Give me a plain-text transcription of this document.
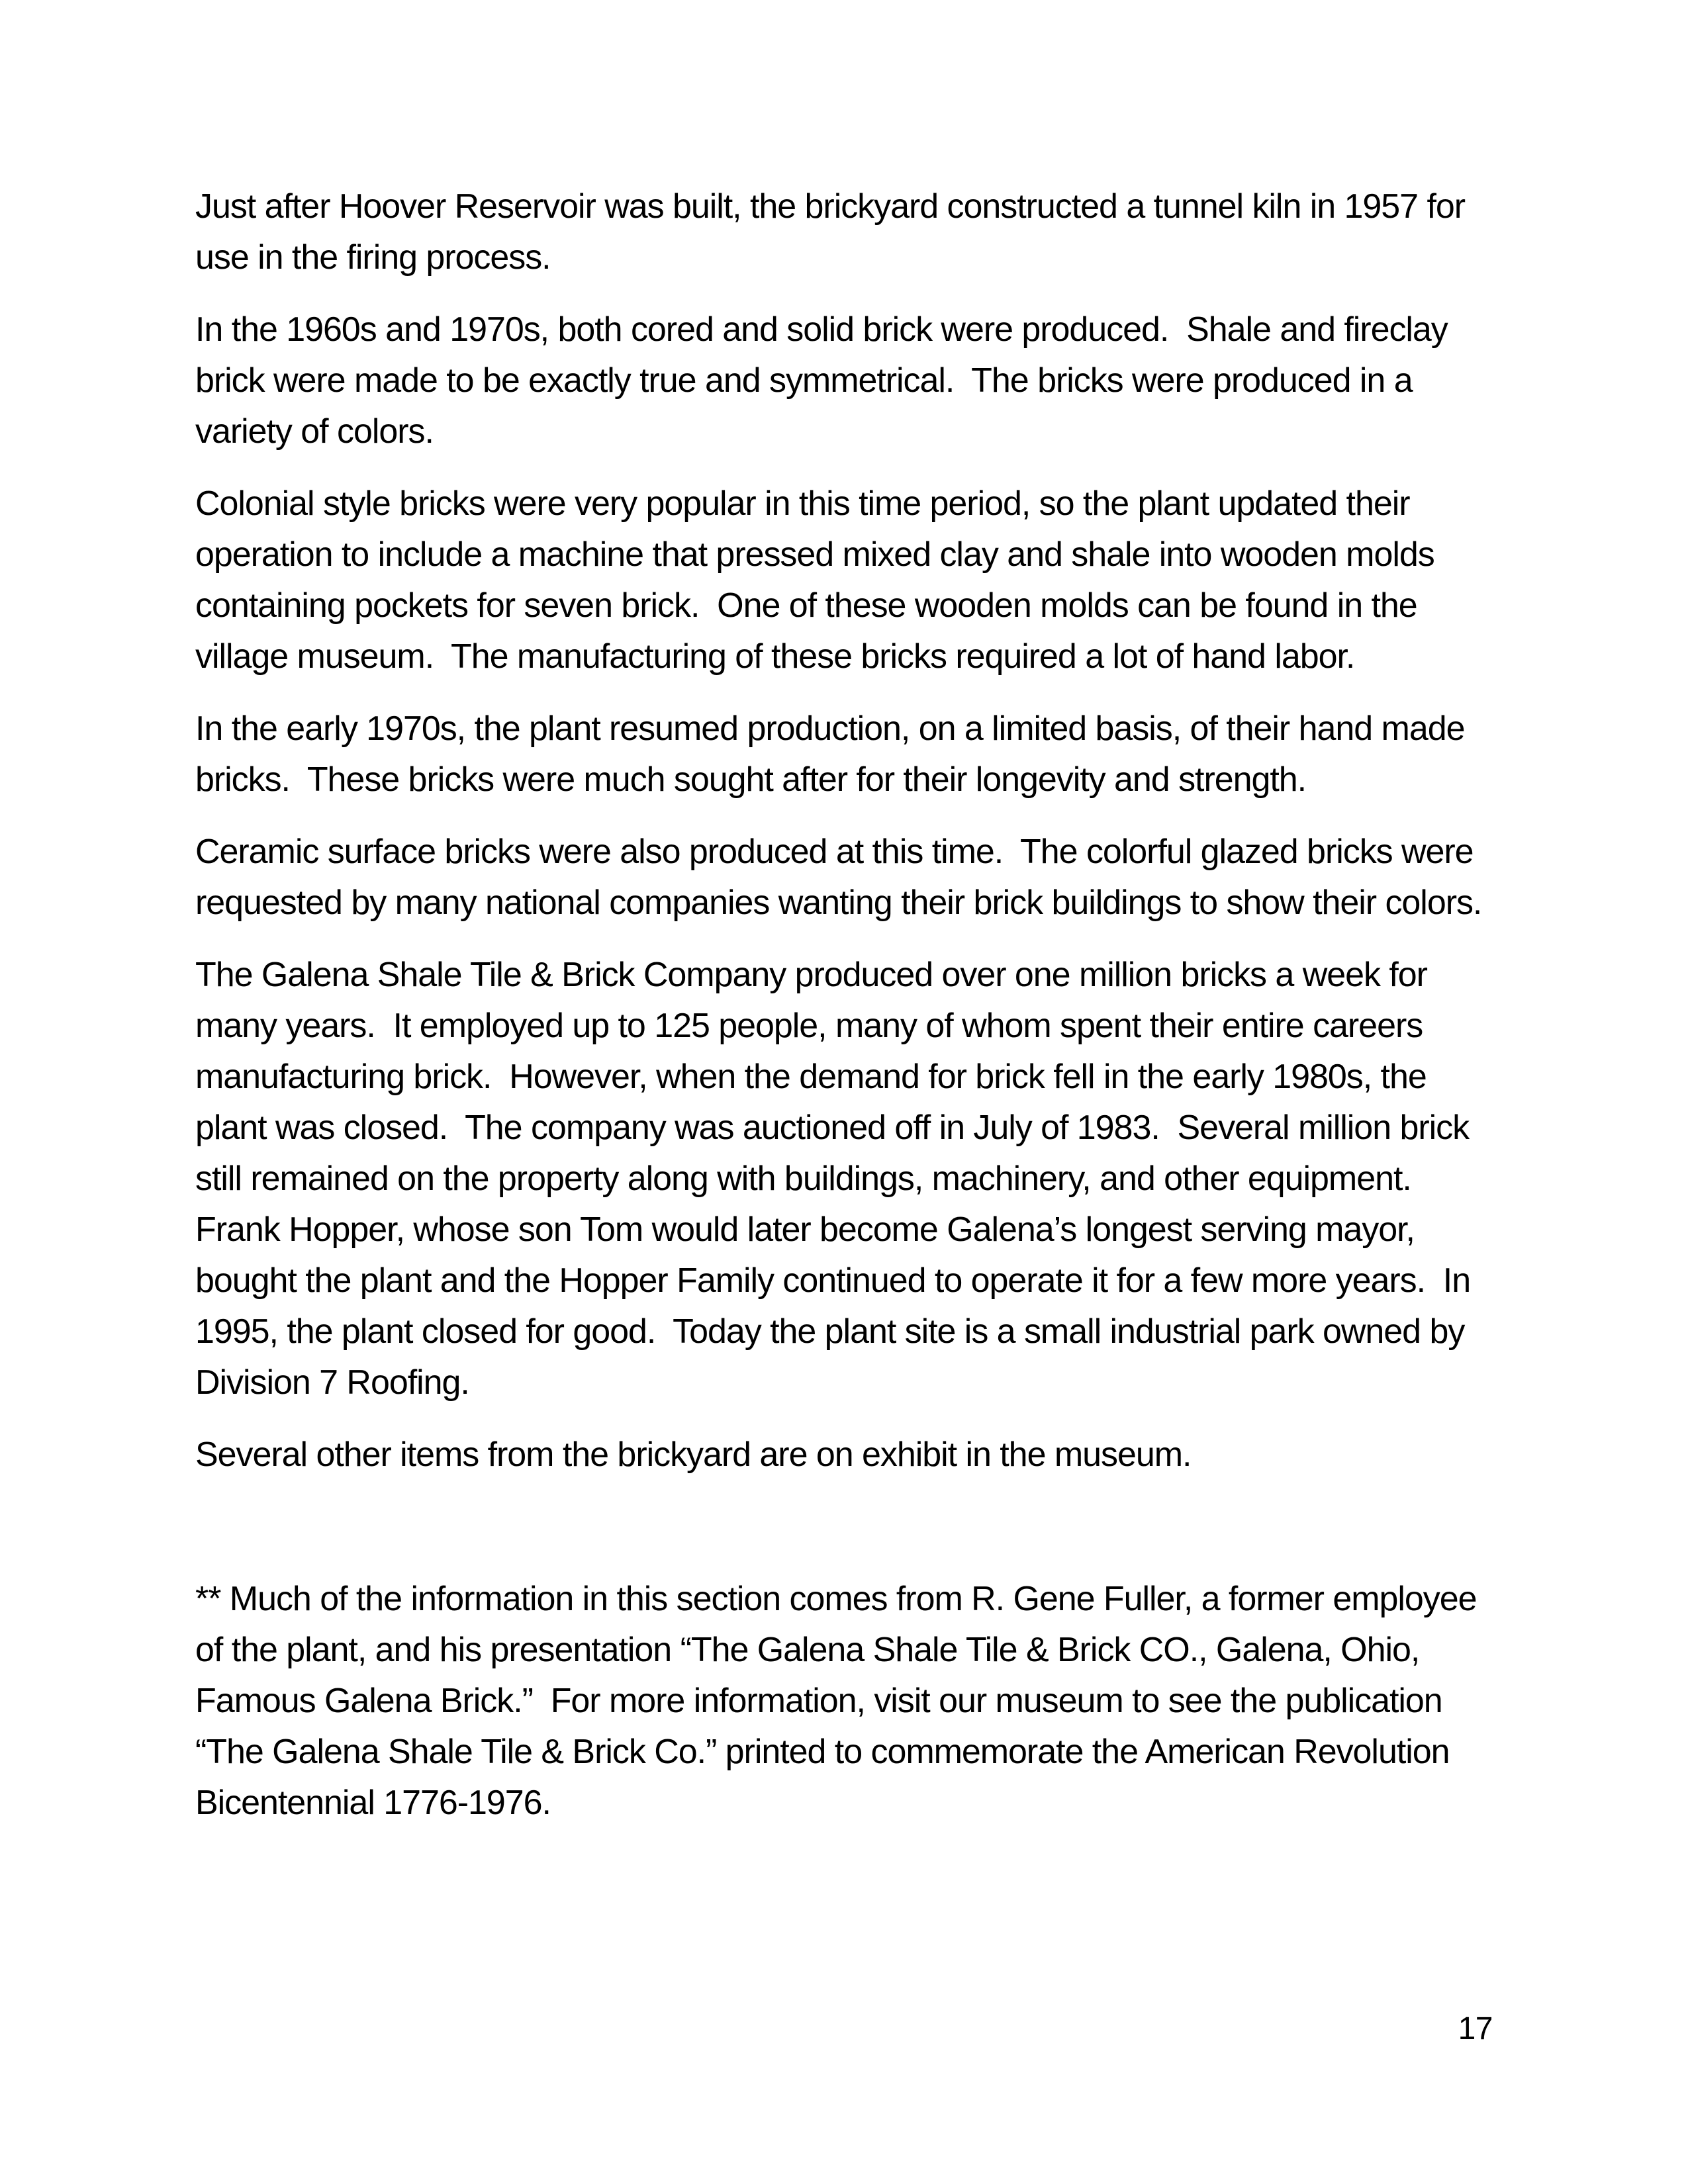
Just after Hoover Reservoir was built, the brickyard constructed a tunnel kiln in 1957 for use in the firing process.

In the 1960s and 1970s, both cored and solid brick were produced.  Shale and fireclay brick were made to be exactly true and symmetrical.  The bricks were produced in a variety of colors.

Colonial style bricks were very popular in this time period, so the plant updated their operation to include a machine that pressed mixed clay and shale into wooden molds containing pockets for seven brick.  One of these wooden molds can be found in the village museum.  The manufacturing of these bricks required a lot of hand labor.

In the early 1970s, the plant resumed production, on a limited basis, of their hand made bricks.  These bricks were much sought after for their longevity and strength.

Ceramic surface bricks were also produced at this time.  The colorful glazed bricks were requested by many national companies wanting their brick buildings to show their colors.

The Galena Shale Tile & Brick Company produced over one million bricks a week for many years.  It employed up to 125 people, many of whom spent their entire careers manufacturing brick.  However, when the demand for brick fell in the early 1980s, the plant was closed.  The company was auctioned off in July of 1983.  Several million brick still remained on the property along with buildings, machinery, and other equipment.  Frank Hopper, whose son Tom would later become Galena’s longest serving mayor, bought the plant and the Hopper Family continued to operate it for a few more years.  In 1995, the plant closed for good.  Today the plant site is a small industrial park owned by Division 7 Roofing.

Several other items from the brickyard are on exhibit in the museum.

** Much of the information in this section comes from R. Gene Fuller, a former employee of the plant, and his presentation “The Galena Shale Tile & Brick CO., Galena, Ohio, Famous Galena Brick.”  For more information, visit our museum to see the publication “The Galena Shale Tile & Brick Co.” printed to commemorate the American Revolution Bicentennial 1776-1976.

17
